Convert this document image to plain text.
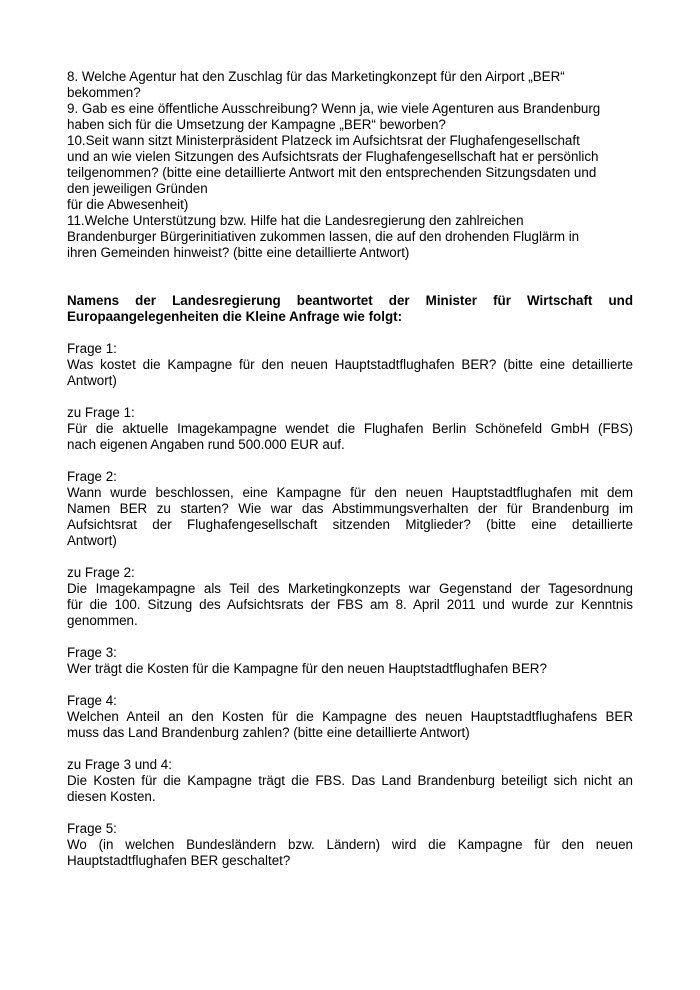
8. Welche Agentur hat den Zuschlag für das Marketingkonzept für den Airport „BER“
bekommen?
9. Gab es eine öffentliche Ausschreibung? Wenn ja, wie viele Agenturen aus Brandenburg
haben sich für die Umsetzung der Kampagne „BER“ beworben?
10.Seit wann sitzt Ministerpräsident Platzeck im Aufsichtsrat der Flughafengesellschaft
und an wie vielen Sitzungen des Aufsichtsrats der Flughafengesellschaft hat er persönlich
teilgenommen? (bitte eine detaillierte Antwort mit den entsprechenden Sitzungsdaten und
den jeweiligen Gründen
für die Abwesenheit)
11.Welche Unterstützung bzw. Hilfe hat die Landesregierung den zahlreichen
Brandenburger Bürgerinitiativen zukommen lassen, die auf den drohenden Fluglärm in
ihren Gemeinden hinweist? (bitte eine detaillierte Antwort)
Namens der Landesregierung beantwortet der Minister für Wirtschaft und
Europaangelegenheiten die Kleine Anfrage wie folgt:
Frage 1:
Was kostet die Kampagne für den neuen Hauptstadtflughafen BER? (bitte eine detaillierte
Antwort)
zu Frage 1:
Für die aktuelle Imagekampagne wendet die Flughafen Berlin Schönefeld GmbH (FBS)
nach eigenen Angaben rund 500.000 EUR auf.
Frage 2:
Wann wurde beschlossen, eine Kampagne für den neuen Hauptstadtflughafen mit dem
Namen BER zu starten? Wie war das Abstimmungsverhalten der für Brandenburg im
Aufsichtsrat der Flughafengesellschaft sitzenden Mitglieder? (bitte eine detaillierte
Antwort)
zu Frage 2:
Die Imagekampagne als Teil des Marketingkonzepts war Gegenstand der Tagesordnung
für die 100. Sitzung des Aufsichtsrats der FBS am 8. April 2011 und wurde zur Kenntnis
genommen.
Frage 3:
Wer trägt die Kosten für die Kampagne für den neuen Hauptstadtflughafen BER?
Frage 4:
Welchen Anteil an den Kosten für die Kampagne des neuen Hauptstadtflughafens BER
muss das Land Brandenburg zahlen? (bitte eine detaillierte Antwort)
zu Frage 3 und 4:
Die Kosten für die Kampagne trägt die FBS. Das Land Brandenburg beteiligt sich nicht an
diesen Kosten.
Frage 5:
Wo (in welchen Bundesländern bzw. Ländern) wird die Kampagne für den neuen
Hauptstadtflughafen BER geschaltet?
